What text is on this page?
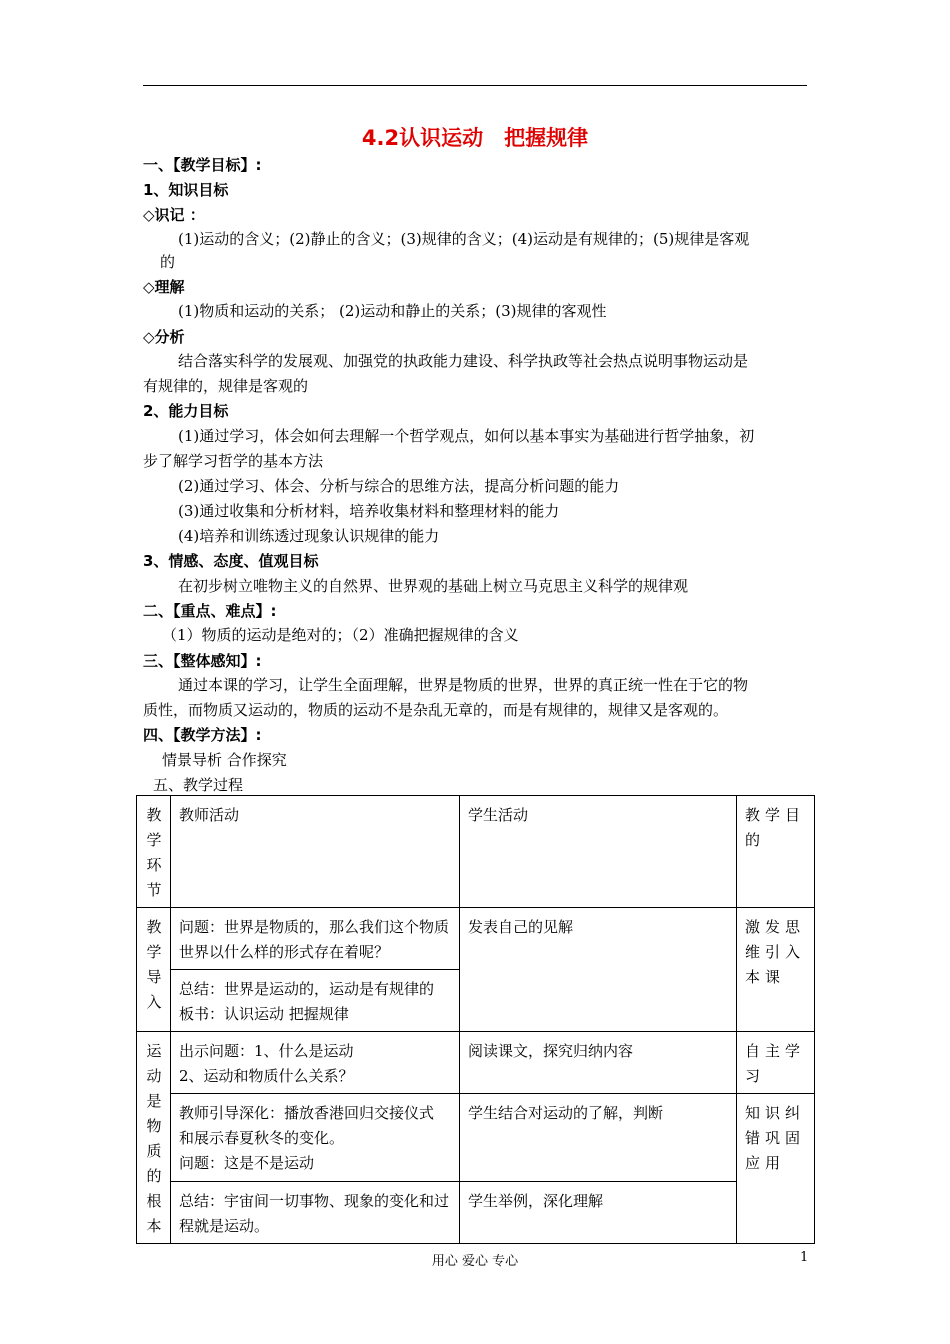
4.2认识运动　把握规律
一、【教学目标】:
1、知识目标
◇识记 ：
(1)运动的含义；(2)静止的含义；(3)规律的含义；(4)运动是有规律的；(5)规律是客观
的
◇理解
(1)物质和运动的关系； (2)运动和静止的关系；(3)规律的客观性
◇分析
结合落实科学的发展观、加强党的执政能力建设、科学执政等社会热点说明事物运动是
有规律的，规律是客观的
2、能力目标
(1)通过学习，体会如何去理解一个哲学观点，如何以基本事实为基础进行哲学抽象，初
步了解学习哲学的基本方法
(2)通过学习、体会、分析与综合的思维方法，提高分析问题的能力
(3)通过收集和分析材料，培养收集材料和整理材料的能力
(4)培养和训练透过现象认识规律的能力
3、情感、态度、值观目标
在初步树立唯物主义的自然界、世界观的基础上树立马克思主义科学的规律观
二、【重点、难点】:
（1）物质的运动是绝对的；（2）准确把握规律的含义
三、【整体感知】:
通过本课的学习，让学生全面理解，世界是物质的世界，世界的真正统一性在于它的物
质性，而物质又运动的，物质的运动不是杂乱无章的，而是有规律的，规律又是客观的。
四、【教学方法】:
情景导析 合作探究
五、教学过程
教学环节	教师活动	学生活动	教学目的
教学导入	问题：世界是物质的，那么我们这个物质世界以什么样的形式存在着呢？	发表自己的见解	激发思维引入本课

	总结：世界是运动的，运动是有规律的
板书：认识运动 把握规律		

运动是物质的根本	出示问题：1、什么是运动
2、运动和物质什么关系？	阅读课文，探究归纳内容	自主学习

	教师引导深化：播放香港回归交接仪式
和展示春夏秋冬的变化。
问题：这是不是运动	学生结合对运动的了解，判断	知识纠错巩固应用
	总结：宇宙间一切事物、现象的变化和过程就是运动。	学生举例，深化理解	
用心 爱心 专心	1
